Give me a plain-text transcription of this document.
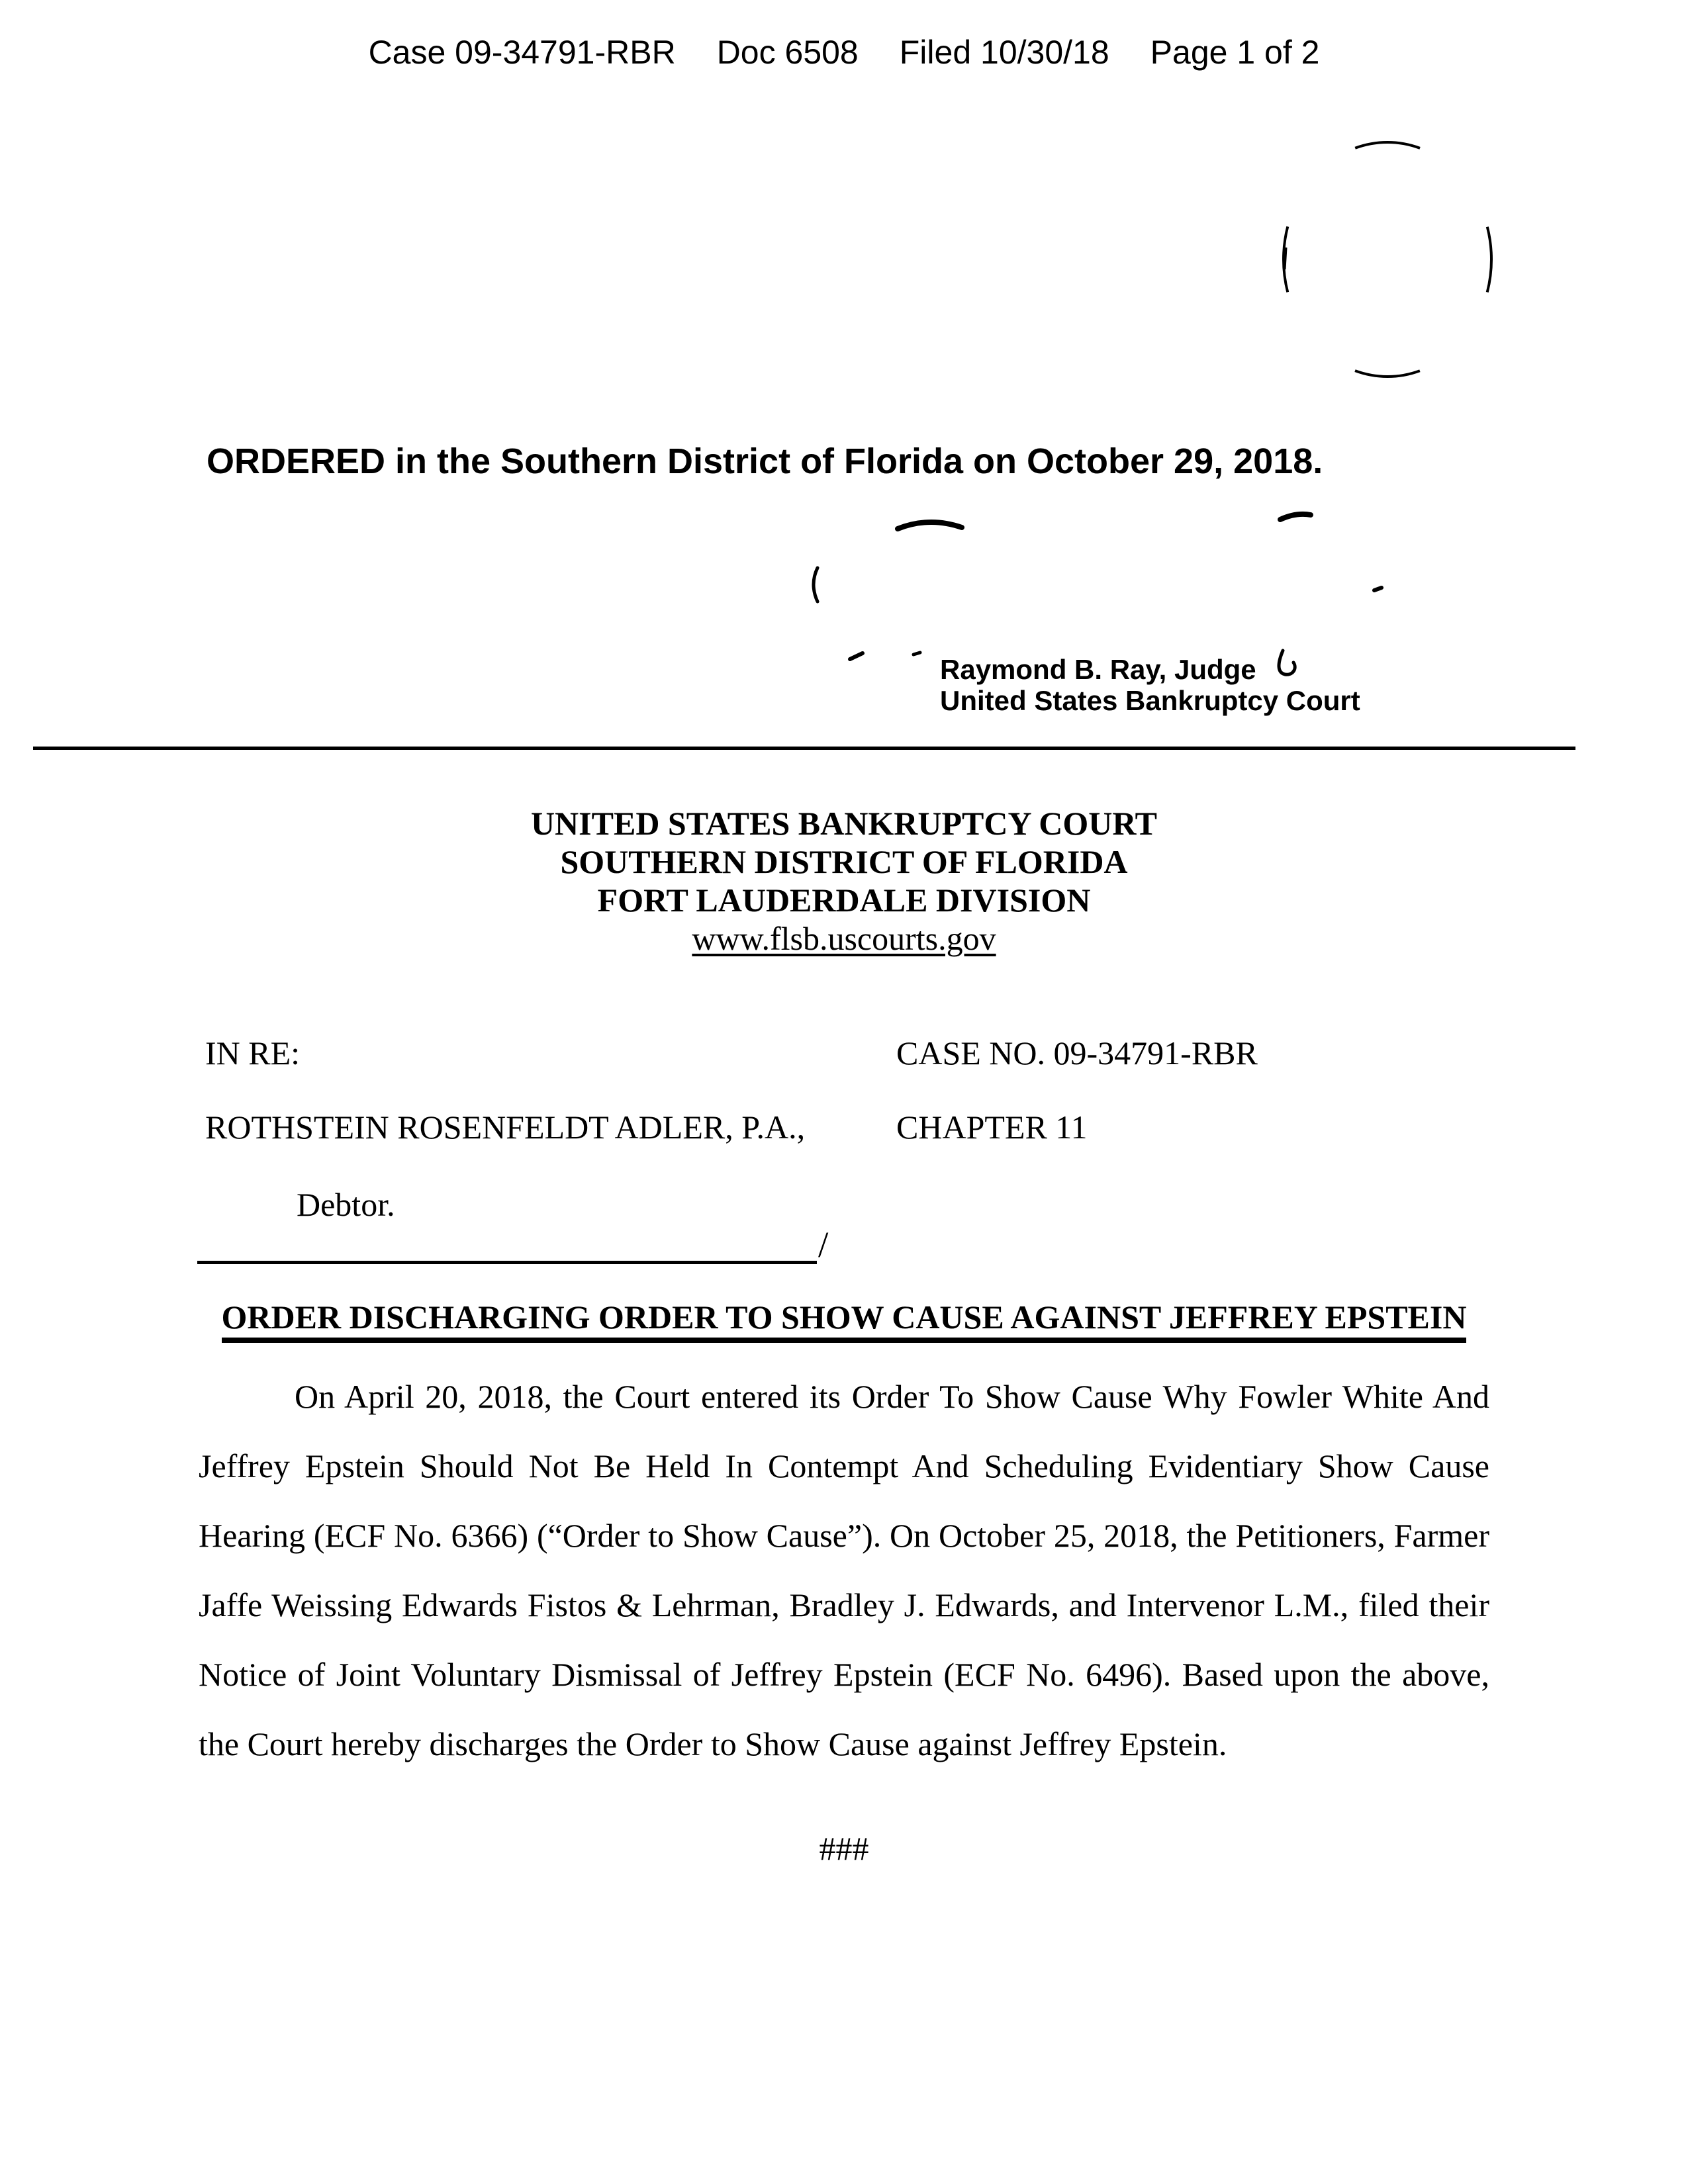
Case 09-34791-RBR Doc 6508 Filed 10/30/18 Page 1 of 2
ORDERED in the Southern District of Florida on October 29, 2018.
Raymond B. Ray, Judge
United States Bankruptcy Court
UNITED STATES BANKRUPTCY COURT
SOUTHERN DISTRICT OF FLORIDA
FORT LAUDERDALE DIVISION
www.flsb.uscourts.gov
IN RE:	CASE NO. 09-34791-RBR
ROTHSTEIN ROSENFELDT ADLER, P.A.,	CHAPTER 11
Debtor.
/
ORDER DISCHARGING ORDER TO SHOW CAUSE AGAINST JEFFREY EPSTEIN
On April 20, 2018, the Court entered its Order To Show Cause Why Fowler White And Jeffrey Epstein Should Not Be Held In Contempt And Scheduling Evidentiary Show Cause Hearing (ECF No. 6366) (“Order to Show Cause”). On October 25, 2018, the Petitioners, Farmer Jaffe Weissing Edwards Fistos & Lehrman, Bradley J. Edwards, and Intervenor L.M., filed their Notice of Joint Voluntary Dismissal of Jeffrey Epstein (ECF No. 6496). Based upon the above, the Court hereby discharges the Order to Show Cause against Jeffrey Epstein.
###
